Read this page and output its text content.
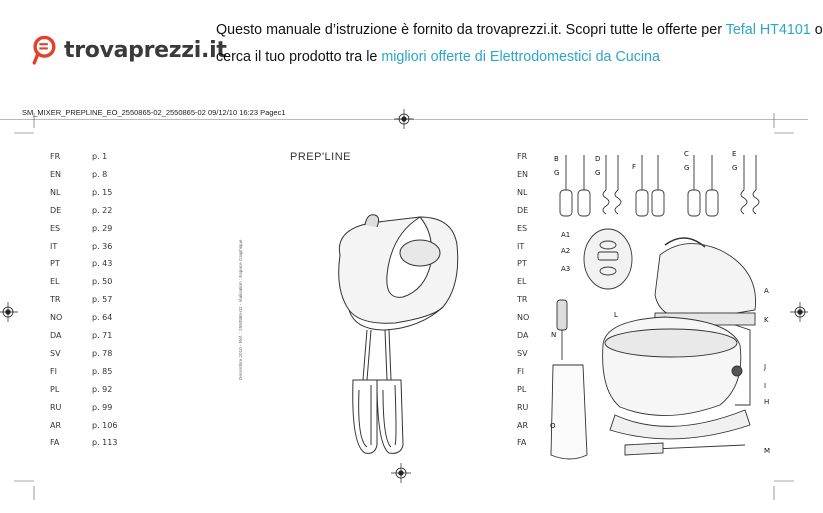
trovaprezzi.it
Questo manuale d’istruzione è fornito da trovaprezzi.it. Scopri tutte le offerte per Tefal HT4101 o
cerca il tuo prodotto tra le migliori offerte di Elettrodomestici da Cucina
SM_MIXER_PREPLINE_EO_2550865-02_2550865-02 09/12/10 16:23 Pagec1
PREP'LINE
FR	p. 1
EN	p. 8
NL	p. 15
DE	p. 22
ES	p. 29
IT	p. 36
PT	p. 43
EL	p. 50
TR	p. 57
NO	p. 64
DA	p. 71
SV	p. 78
FI	p. 85
PL	p. 92
RU	p. 99
AR	p. 106
FA	p. 113
FR
EN
NL
DE
ES
IT
PT
EL
TR
NO
DA
SV
FI
PL
RU
AR
FA
Decembre 2010 - Réf. : 2550865-02 - réalisation : Espace Graphique
B
G
D
G
F
C
G
E
G
A1
A2
A3
A
K
L
N
J
I
H
O
M
